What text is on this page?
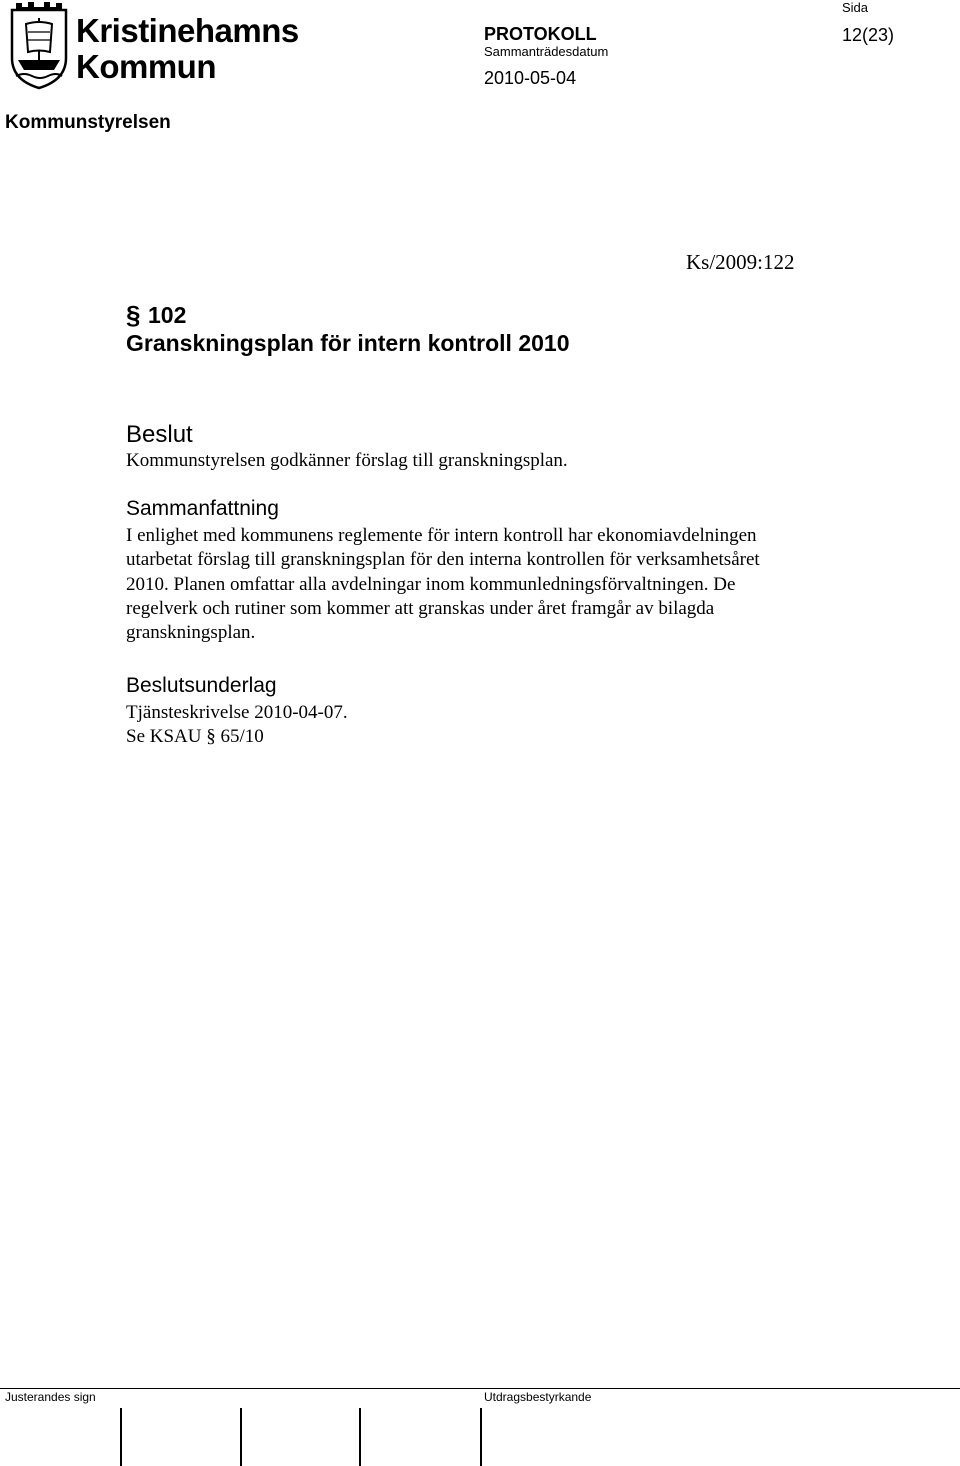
Kristinehamns
Kommun
Kommunstyrelsen
PROTOKOLL
Sammanträdesdatum
2010-05-04
Sida
12(23)
Ks/2009:122
§ 102
Granskningsplan för intern kontroll 2010
Beslut
Kommunstyrelsen godkänner förslag till granskningsplan.
Sammanfattning
I enlighet med kommunens reglemente för intern kontroll har ekonomiavdelningen
utarbetat förslag till granskningsplan för den interna kontrollen för verksamhetsåret
2010. Planen omfattar alla avdelningar inom kommunledningsförvaltningen. De
regelverk och rutiner som kommer att granskas under året framgår av bilagda
granskningsplan.
Beslutsunderlag
Tjänsteskrivelse 2010-04-07.
Se KSAU § 65/10
Justerandes sign	Utdragsbestyrkande
